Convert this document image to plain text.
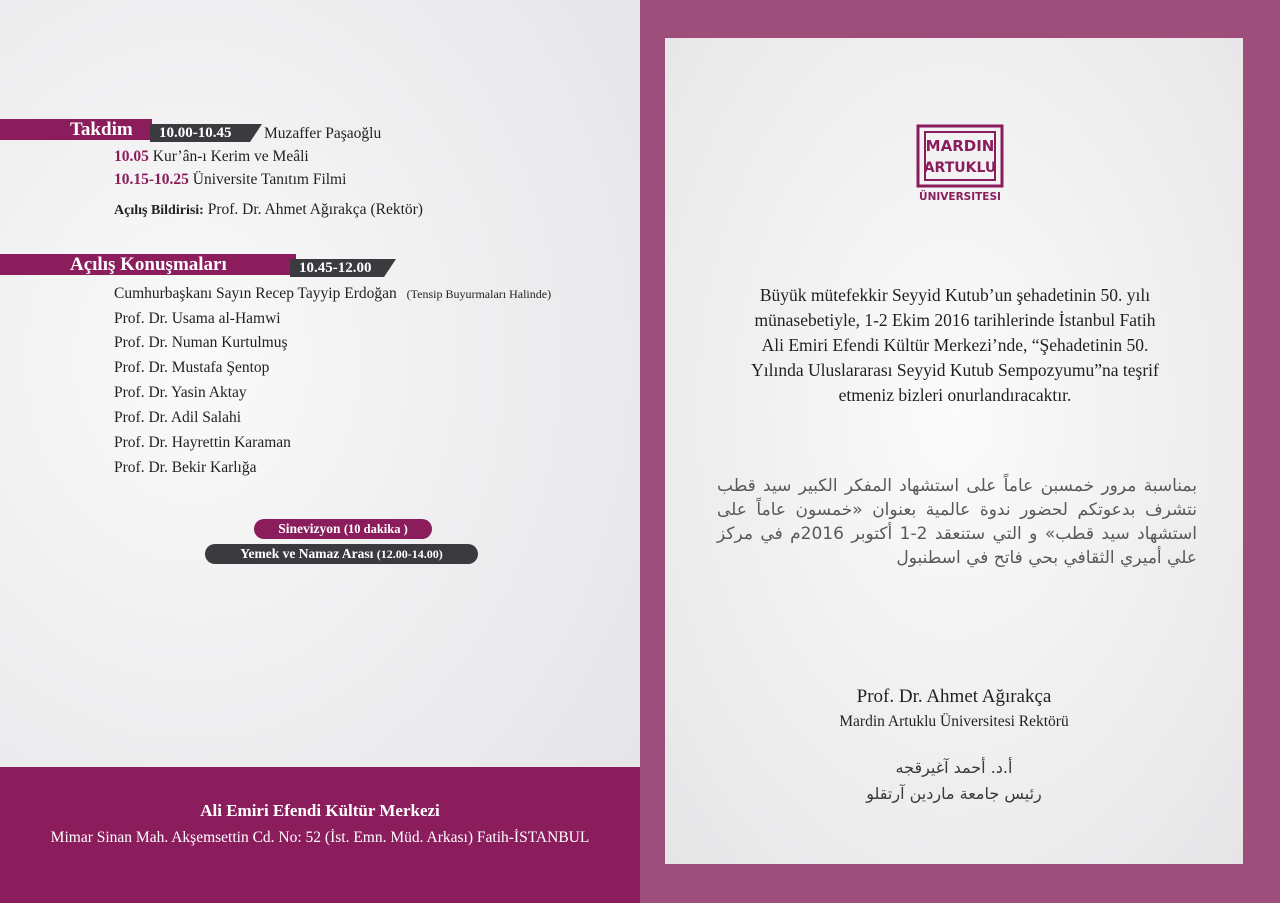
Takdim	10.00-10.45	Muzaffer Paşaoğlu
10.05 Kur’ân-ı Kerim ve Meâli
10.15-10.25 Üniversite Tanıtım Filmi
Açılış Bildirisi: Prof. Dr. Ahmet Ağırakça (Rektör)
Açılış Konuşmaları	10.45-12.00
Cumhurbaşkanı Sayın Recep Tayyip Erdoğan (Tensip Buyurmaları Halinde)
Prof. Dr. Usama al-Hamwi
Prof. Dr. Numan Kurtulmuş
Prof. Dr. Mustafa Şentop
Prof. Dr. Yasin Aktay
Prof. Dr. Adil Salahi
Prof. Dr. Hayrettin Karaman
Prof. Dr. Bekir Karlığa
Sinevizyon (10 dakika )
Yemek ve Namaz Arası (12.00-14.00)
Ali Emiri Efendi Kültür Merkezi
Mimar Sinan Mah. Akşemsettin Cd. No: 52 (İst. Emn. Müd. Arkası) Fatih-İSTANBUL
MARDIN
ARTUKLU
ÜNIVERSITESI
Büyük mütefekkir Seyyid Kutub’un şehadetinin 50. yılı
münasebetiyle, 1-2 Ekim 2016 tarihlerinde İstanbul Fatih
Ali Emiri Efendi Kültür Merkezi’nde, “Şehadetinin 50.
Yılında Uluslararası Seyyid Kutub Sempozyumu”na teşrif
etmeniz bizleri onurlandıracaktır.
بمناسبة مرور خمسبن عاماً على استشهاد المفكر الكبير سيد قطب نتشرف بدعوتكم لحضور ندوة عالمية بعنوان «خمسون عاماً على استشهاد سيد قطب» و التي ستنعقد 2-1 أكتوبر 2016م في مركز علي أميري الثقافي بحي فاتح في اسطنبول
Prof. Dr. Ahmet Ağırakça
Mardin Artuklu Üniversitesi Rektörü
أ.د. أحمد آغيرقجه
رئيس جامعة ماردين آرتقلو
